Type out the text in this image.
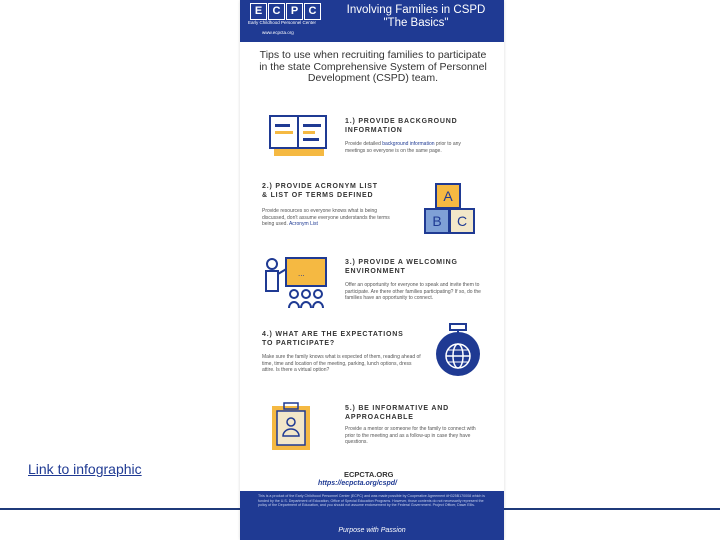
Link to infographic
E C P C
Early Childhood Personnel Center
www.ecpcta.org
Involving Families in CSPD
"The Basics"
Tips to use when recruiting families to participate in the state Comprehensive System of Personnel Development (CSPD) team.
1.) PROVIDE BACKGROUND
INFORMATION
Provide detailed background information prior to any meetings so everyone is on the same page.
2.) PROVIDE ACRONYM LIST
& LIST OF TERMS DEFINED
Provide resources so everyone knows what is being discussed, don't assume everyone understands the terms being used. Acronym List
A
B	C
...
3.) PROVIDE A WELCOMING
ENVIRONMENT
Offer an opportunity for everyone to speak and invite them to participate. Are there other families participating? If so, do the families have an opportunity to connect.
4.) WHAT ARE THE EXPECTATIONS
TO PARTICIPATE?
Make sure the family knows what is expected of them, reading ahead of time, time and location of the meeting, parking, lunch options, dress attire. Is there a virtual option?
5.) BE INFORMATIVE AND
APPROACHABLE
Provide a mentor or someone for the family to connect with prior to the meeting and as a follow-up in case they have questions.
ECPCTA.ORG
https://ecpcta.org/cspd/
This is a product of the Early Childhood Personnel Center (ECPC) and was made possible by Cooperative Agreement #H325B170008 which is funded by the U.S. Department of Education, Office of Special Education Programs. However, those contents do not necessarily represent the policy of the Department of Education, and you should not assume endorsement by the Federal Government. Project Officer, Dawn Ellis.
Purpose with Passion
